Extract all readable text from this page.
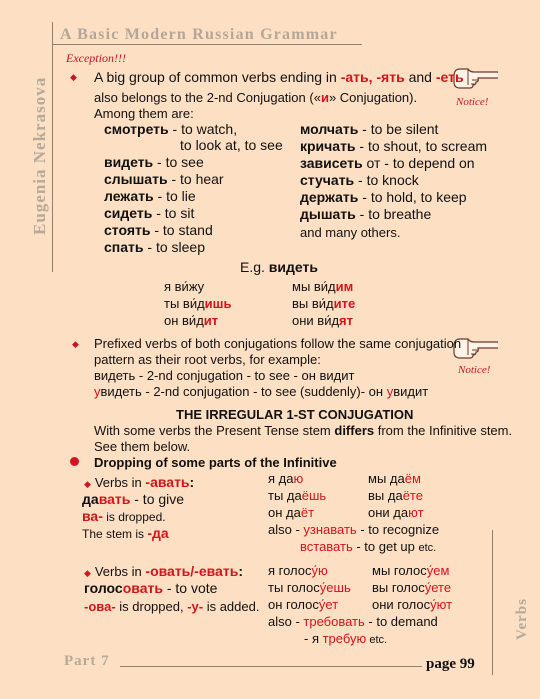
A Basic Modern Russian Grammar
Eugenia Nekrasova
Verbs
Exception!!!
Notice!
Notice!
◆ A big group of common verbs ending in -ать, -ять and -еть
also belongs to the 2-nd Conjugation («и» Conjugation).
Among them are:
смотреть - to watch,
to look at, to see
видеть - to see
слышать - to hear
лежать - to lie
сидеть - to sit
стоять - to stand
спать - to sleep
молчать - to be silent
кричать - to shout, to scream
зависеть от - to depend on
стучать - to knock
держать - to hold, to keep
дышать - to breathe
and many others.
E.g. видеть
я ви́жу	мы ви́дим
ты ви́дишь	вы ви́дите
он ви́дит	они ви́дят
◆ Prefixed verbs of both conjugations follow the same conjugation
pattern as their root verbs, for example:
видеть - 2-nd conjugation - to see - он видит
увидеть - 2-nd conjugation - to see (suddenly)- он увидит
THE IRREGULAR 1-ST CONJUGATION
With some verbs the Present Tense stem differs from the Infinitive stem.
See them below.
Dropping of some parts of the Infinitive
◆ Verbs in -авать:
давать - to give
ва- is dropped.
The stem is -да
я даю	мы даём
ты даёшь	вы даёте
он даёт	они дают
also - узнавать - to recognize
вставать - to get up etc.
◆ Verbs in -овать/-евать:
голосовать - to vote
-ова- is dropped, -у- is added.
я голосу́ю	мы голосу́ем
ты голосу́ешь вы голосу́ете
он голосу́ет	они голосу́ют
also - требовать - to demand
- я требую etc.
Part 7	page 99
